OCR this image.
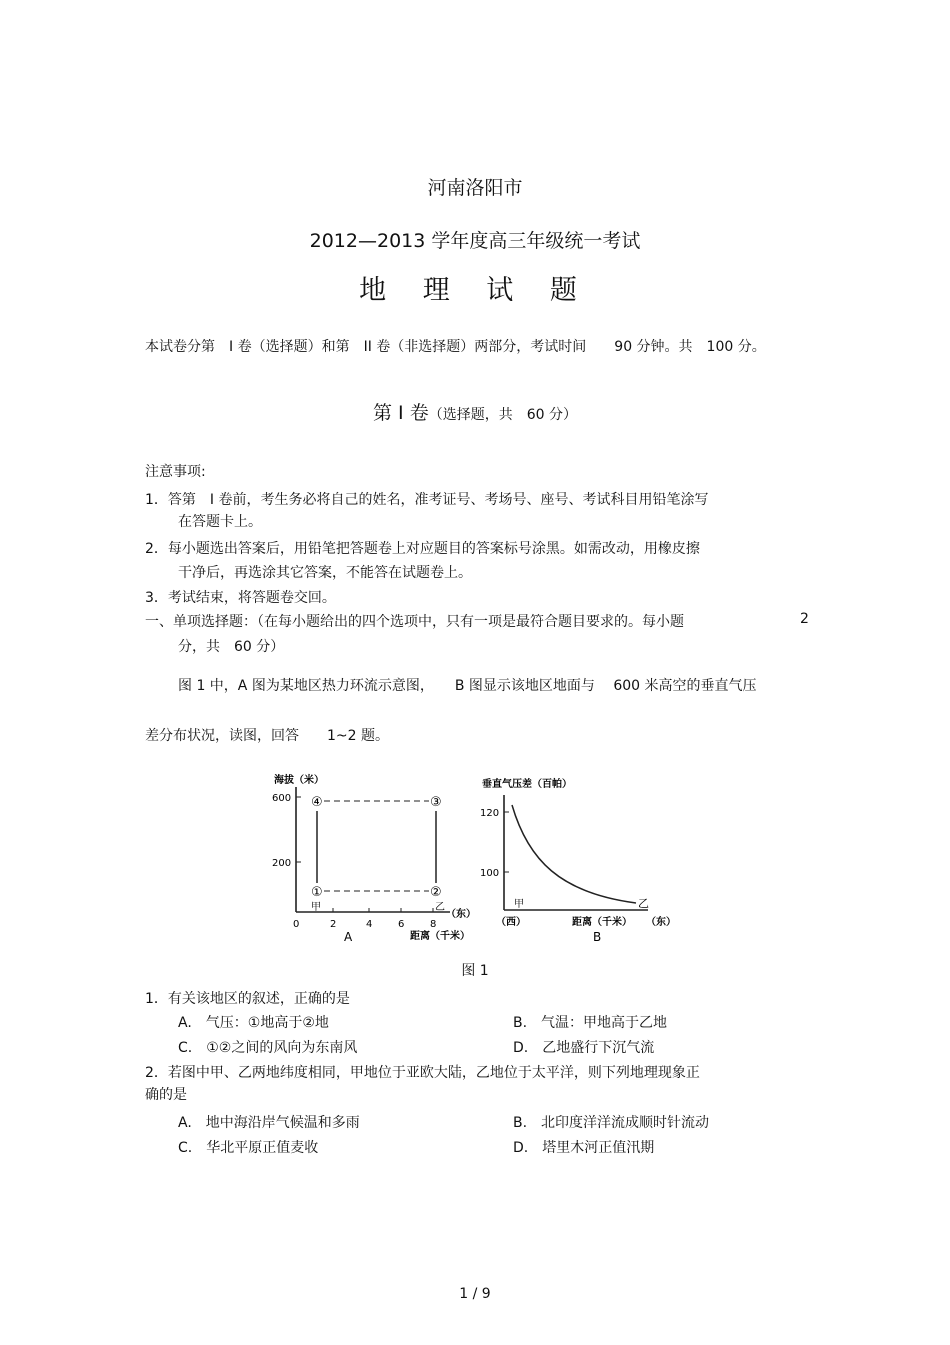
河南洛阳市
2012—2013 学年度高三年级统一考试
地 理 试 题
本试卷分第　I 卷（选择题）和第　II 卷（非选择题）两部分，考试时间　　90 分钟。共　100 分。
第 I 卷（选择题，共　60 分）
注意事项:
1．答第　I 卷前，考生务必将自己的姓名，准考证号、考场号、座号、考试科目用铅笔涂写
在答题卡上。
2．每小题选出答案后，用铅笔把答题卷上对应题目的答案标号涂黑。如需改动，用橡皮擦
干净后，再选涂其它答案，不能答在试题卷上。
3．考试结束，将答题卷交回。
一、单项选择题：（在每小题给出的四个选项中，只有一项是最符合题目要求的。每小题	2
分，共　60 分）
图 1 中，A 图为某地区热力环流示意图，　　B 图显示该地区地面与　 600 米高空的垂直气压
差分布状况，读图，回答　　1~2 题。
海拔（米）
600
200
0	2	4	6	8
④	③
①	②
甲	乙
（东）
距离（千米）
A
垂直气压差（百帕）
120
100
甲	乙
（西）	距离（千米） （东）
B
图 1
1．有关该地区的叙述，正确的是
A.　气压：①地高于②地	B.　气温：甲地高于乙地
C.　①②之间的风向为东南风	D.　乙地盛行下沉气流
2．若图中甲、乙两地纬度相同，甲地位于亚欧大陆，乙地位于太平洋，则下列地理现象正
确的是
A.　地中海沿岸气候温和多雨	B.　北印度洋洋流成顺时针流动
C.　华北平原正值麦收	D.　塔里木河正值汛期
1 / 9
